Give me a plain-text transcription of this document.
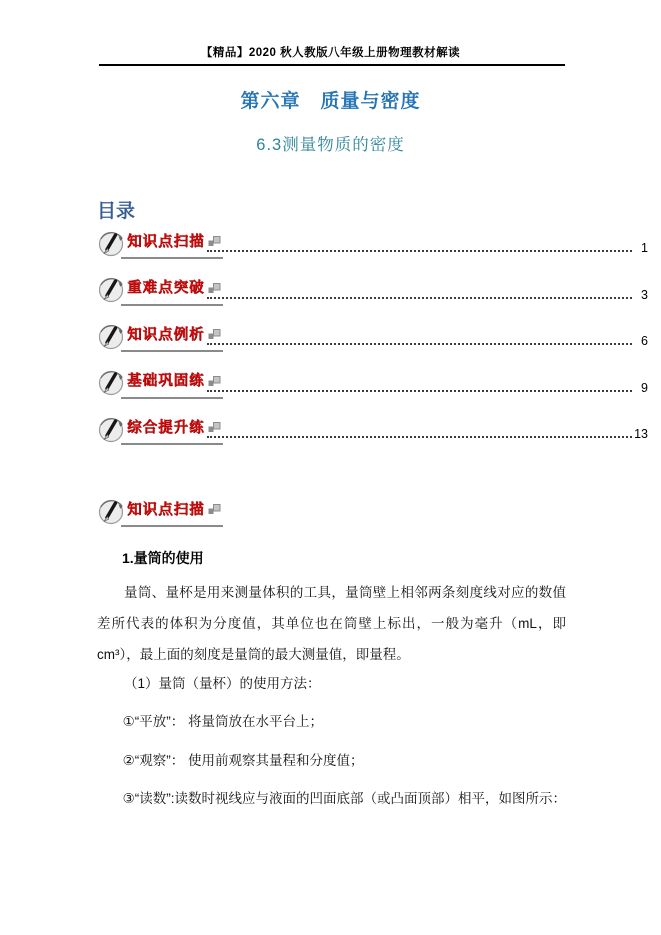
【精品】2020 秋人教版八年级上册物理教材解读
第六章　质量与密度
6.3测量物质的密度
目录
知识点扫描	1
重难点突破	3
知识点例析	6
基础巩固练	9
综合提升练	13
知识点扫描
1.量筒的使用
量筒、量杯是用来测量体积的工具，量筒壁上相邻两条刻度线对应的数值差所代表的体积为分度值，其单位也在筒壁上标出，一般为毫升（mL，即 cm³），最上面的刻度是量筒的最大测量值，即量程。
（1）量筒（量杯）的使用方法：
①“平放”： 将量筒放在水平台上；
②“观察”： 使用前观察其量程和分度值；
③“读数”:读数时视线应与液面的凹面底部（或凸面顶部）相平，如图所示：
